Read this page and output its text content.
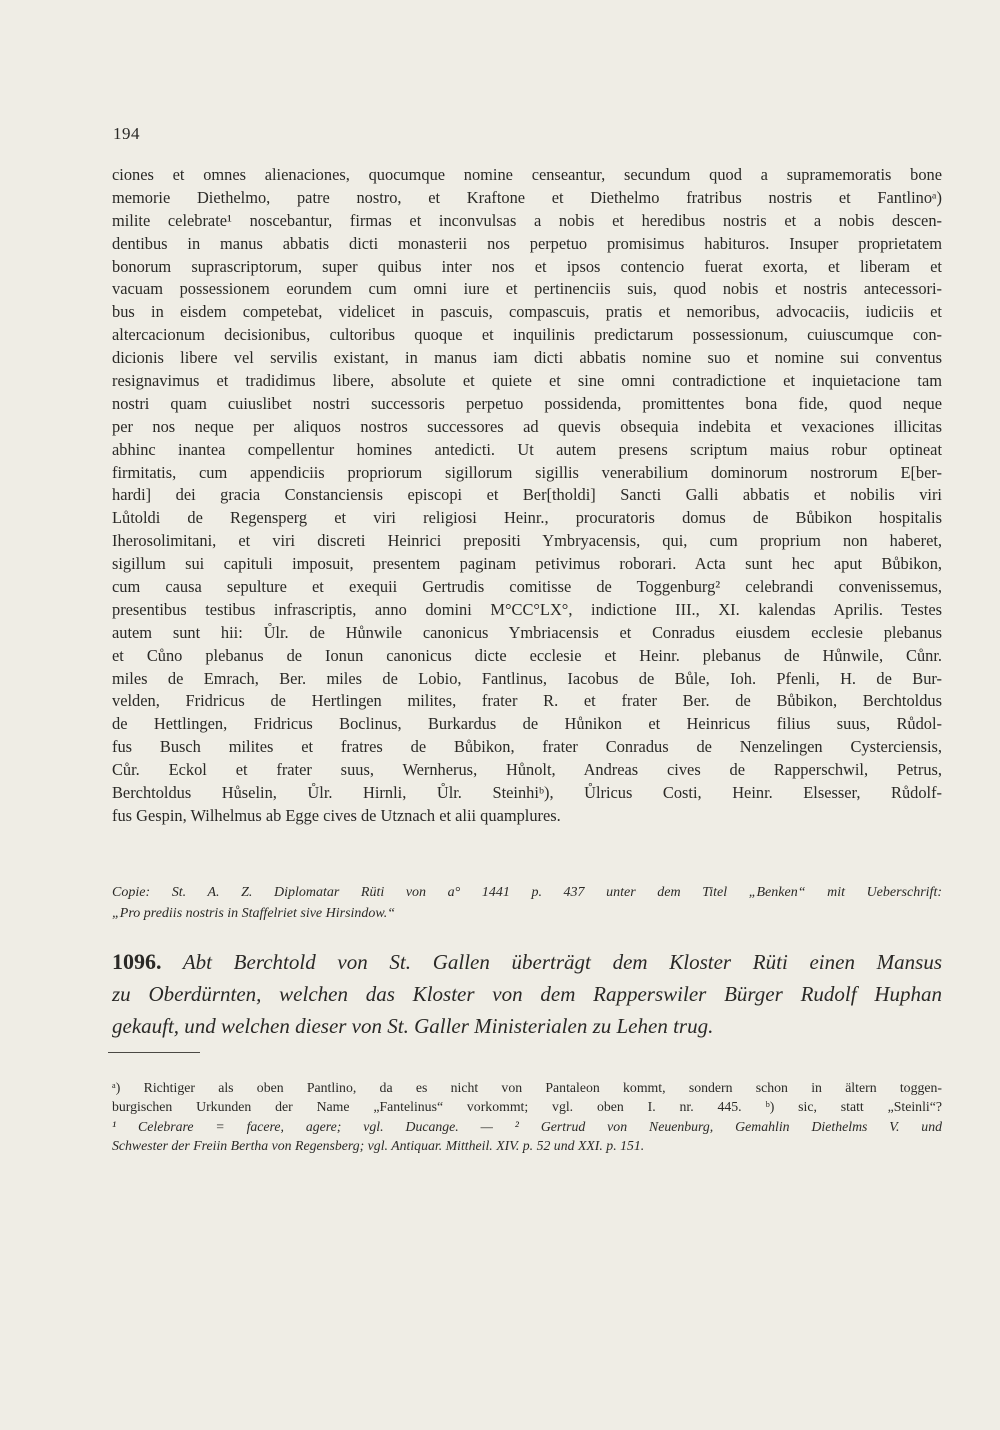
194
ciones et omnes alienaciones, quocumque nomine censeantur, secundum quod a supramemoratis bone
memorie Diethelmo, patre nostro, et Kraftone et Diethelmo fratribus nostris et Fantlinoᵃ)
milite celebrate¹ noscebantur, firmas et inconvulsas a nobis et heredibus nostris et a nobis descen-
dentibus in manus abbatis dicti monasterii nos perpetuo promisimus habituros. Insuper proprietatem
bonorum suprascriptorum, super quibus inter nos et ipsos contencio fuerat exorta, et liberam et
vacuam possessionem eorundem cum omni iure et pertinenciis suis, quod nobis et nostris antecessori-
bus in eisdem competebat, videlicet in pascuis, compascuis, pratis et nemoribus, advocaciis, iudiciis et
altercacionum decisionibus, cultoribus quoque et inquilinis predictarum possessionum, cuiuscumque con-
dicionis libere vel servilis existant, in manus iam dicti abbatis nomine suo et nomine sui conventus
resignavimus et tradidimus libere, absolute et quiete et sine omni contradictione et inquietacione tam
nostri quam cuiuslibet nostri successoris perpetuo possidenda, promittentes bona fide, quod neque
per nos neque per aliquos nostros successores ad quevis obsequia indebita et vexaciones illicitas
abhinc inantea compellentur homines antedicti. Ut autem presens scriptum maius robur optineat
firmitatis, cum appendiciis propriorum sigillorum sigillis venerabilium dominorum nostrorum E[ber-
hardi] dei gracia Constanciensis episcopi et Ber[tholdi] Sancti Galli abbatis et nobilis viri
Lůtoldi de Regensperg et viri religiosi Heinr., procuratoris domus de Bůbikon hospitalis
Iherosolimitani, et viri discreti Heinrici prepositi Ymbryacensis, qui, cum proprium non haberet,
sigillum sui capituli imposuit, presentem paginam petivimus roborari. Acta sunt hec aput Bůbikon,
cum causa sepulture et exequii Gertrudis comitisse de Toggenburg² celebrandi convenissemus,
presentibus testibus infrascriptis, anno domini M°CC°LX°, indictione III., XI. kalendas Aprilis. Testes
autem sunt hii: Ůlr. de Hůnwile canonicus Ymbriacensis et Conradus eiusdem ecclesie plebanus
et Cůno plebanus de Ionun canonicus dicte ecclesie et Heinr. plebanus de Hůnwile, Cůnr.
miles de Emrach, Ber. miles de Lobio, Fantlinus, Iacobus de Bůle, Ioh. Pfenli, H. de Bur-
velden, Fridricus de Hertlingen milites, frater R. et frater Ber. de Bůbikon, Berchtoldus
de Hettlingen, Fridricus Boclinus, Burkardus de Hůnikon et Heinricus filius suus, Růdol-
fus Busch milites et fratres de Bůbikon, frater Conradus de Nenzelingen Cysterciensis,
Cůr. Eckol et frater suus, Wernherus, Hůnolt, Andreas cives de Rapperschwil, Petrus,
Berchtoldus Hůselin, Ůlr. Hirnli, Ůlr. Steinhiᵇ), Ůlricus Costi, Heinr. Elsesser, Růdolf-
fus Gespin, Wilhelmus ab Egge cives de Utznach et alii quamplures.
Copie: St. A. Z. Diplomatar Rüti von a° 1441 p. 437 unter dem Titel „Benken“ mit Ueberschrift:
„Pro prediis nostris in Staffelriet sive Hirsindow.“
1096. Abt Berchtold von St. Gallen überträgt dem Kloster Rüti einen Mansus
zu Oberdürnten, welchen das Kloster von dem Rapperswiler Bürger Rudolf Huphan
gekauft, und welchen dieser von St. Galler Ministerialen zu Lehen trug.
ᵃ) Richtiger als oben Pantlino, da es nicht von Pantaleon kommt, sondern schon in ältern toggen-
burgischen Urkunden der Name „Fantelinus“ vorkommt; vgl. oben I. nr. 445. ᵇ) sic, statt „Steinli“?
¹ Celebrare = facere, agere; vgl. Ducange. — ² Gertrud von Neuenburg, Gemahlin Diethelms V. und
Schwester der Freiin Bertha von Regensberg; vgl. Antiquar. Mittheil. XIV. p. 52 und XXI. p. 151.
